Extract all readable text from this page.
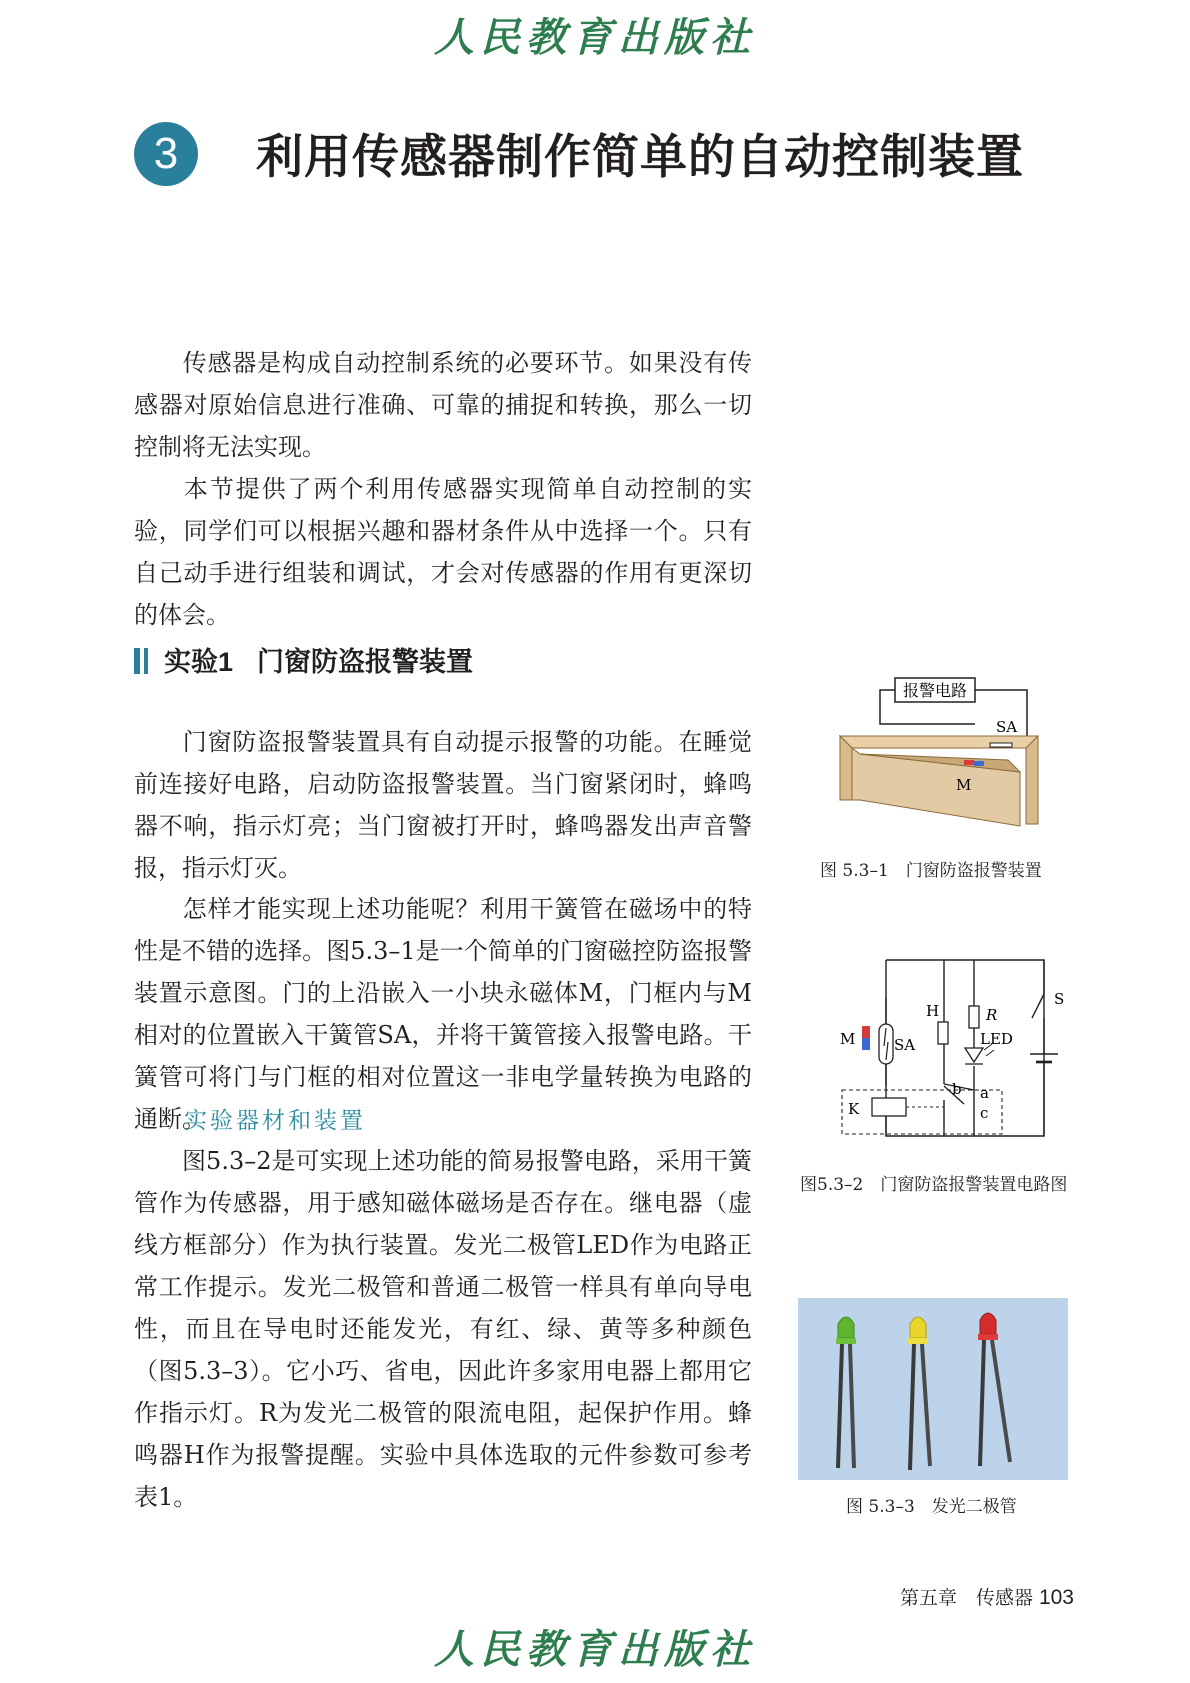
人民教育出版社
3	利用传感器制作简单的自动控制装置

传感器是构成自动控制系统的必要环节。如果没有传感器对原始信息进行准确、可靠的捕捉和转换，那么一切控制将无法实现。

本节提供了两个利用传感器实现简单自动控制的实验，同学们可以根据兴趣和器材条件从中选择一个。只有自己动手进行组装和调试，才会对传感器的作用有更深切的体会。

实验1 门窗防盗报警装置

门窗防盗报警装置具有自动提示报警的功能。在睡觉前连接好电路，启动防盗报警装置。当门窗紧闭时，蜂鸣器不响，指示灯亮；当门窗被打开时，蜂鸣器发出声音警报，指示灯灭。

怎样才能实现上述功能呢？利用干簧管在磁场中的特性是不错的选择。图5.3–1是一个简单的门窗磁控防盗报警装置示意图。门的上沿嵌入一小块永磁体M，门框内与M相对的位置嵌入干簧管SA，并将干簧管接入报警电路。干簧管可将门与门框的相对位置这一非电学量转换为电路的通断。

实验器材和装置

图5.3–2是可实现上述功能的简易报警电路，采用干簧管作为传感器，用于感知磁体磁场是否存在。继电器（虚线方框部分）作为执行装置。发光二极管LED作为电路正常工作提示。发光二极管和普通二极管一样具有单向导电性，而且在导电时还能发光，有红、绿、黄等多种颜色（图5.3–3）。它小巧、省电，因此许多家用电器上都用它作指示灯。R为发光二极管的限流电阻，起保护作用。蜂鸣器H作为报警提醒。实验中具体选取的元件参数可参考表1。

报警电路
SA
M
图 5.3–1　门窗防盗报警装置
SA
M
H	R
LED
S
K
b a
c
图5.3–2　门窗防盗报警装置电路图
图 5.3–3　发光二极管
第五章　传感器 103
人民教育出版社
